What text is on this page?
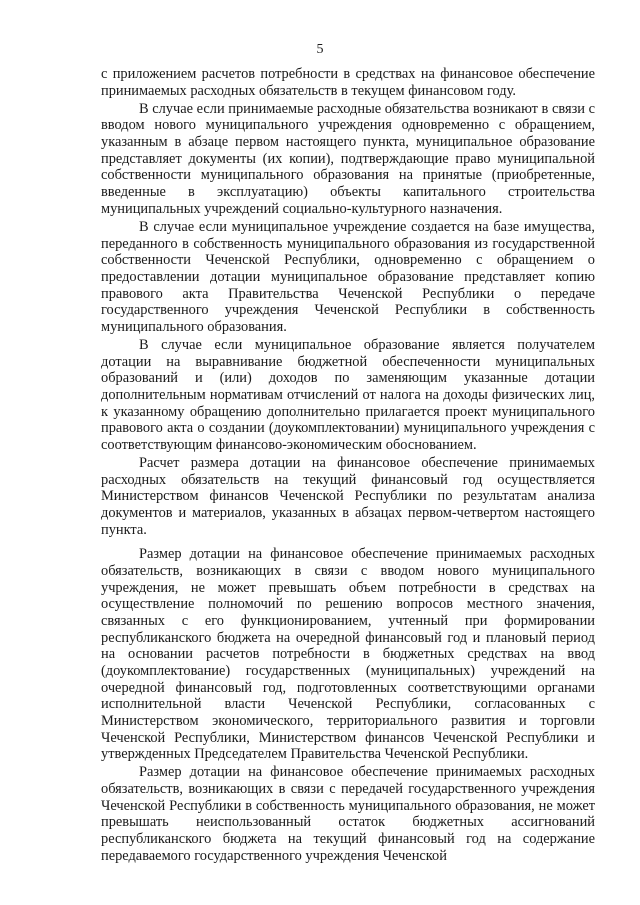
5

с приложением расчетов потребности в средствах на финансовое обеспечение принимаемых расходных обязательств в текущем финансовом году.

В случае если принимаемые расходные обязательства возникают в связи с вводом нового муниципального учреждения одновременно с обращением, указанным в абзаце первом настоящего пункта, муниципальное образование представляет документы (их копии), подтверждающие право муниципальной собственности муниципального образования на принятые (приобретенные, введенные в эксплуатацию) объекты капитального строительства муниципальных учреждений социально-культурного назначения.

В случае если муниципальное учреждение создается на базе имущества, переданного в собственность муниципального образования из государственной собственности Чеченской Республики, одновременно с обращением о предоставлении дотации муниципальное образование представляет копию правового акта Правительства Чеченской Республики о передаче государственного учреждения Чеченской Республики в собственность муниципального образования.

В случае если муниципальное образование является получателем дотации на выравнивание бюджетной обеспеченности муниципальных образований и (или) доходов по заменяющим указанные дотации дополнительным нормативам отчислений от налога на доходы физических лиц, к указанному обращению дополнительно прилагается проект муниципального правового акта о создании (доукомплектовании) муниципального учреждения с соответствующим финансово-экономическим обоснованием.

Расчет размера дотации на финансовое обеспечение принимаемых расходных обязательств на текущий финансовый год осуществляется Министерством финансов Чеченской Республики по результатам анализа документов и материалов, указанных в абзацах первом-четвертом настоящего пункта.

Размер дотации на финансовое обеспечение принимаемых расходных обязательств, возникающих в связи с вводом нового муниципального учреждения, не может превышать объем потребности в средствах на осуществление полномочий по решению вопросов местного значения, связанных с его функционированием, учтенный при формировании республиканского бюджета на очередной финансовый год и плановый период на основании расчетов потребности в бюджетных средствах на ввод (доукомплектование) государственных (муниципальных) учреждений на очередной финансовый год, подготовленных соответствующими органами исполнительной власти Чеченской Республики, согласованных с Министерством экономического, территориального развития и торговли Чеченской Республики, Министерством финансов Чеченской Республики и утвержденных Председателем Правительства Чеченской Республики.

Размер дотации на финансовое обеспечение принимаемых расходных обязательств, возникающих в связи с передачей государственного учреждения Чеченской Республики в собственность муниципального образования, не может превышать неиспользованный остаток бюджетных ассигнований республиканского бюджета на текущий финансовый год на содержание передаваемого государственного учреждения Чеченской
